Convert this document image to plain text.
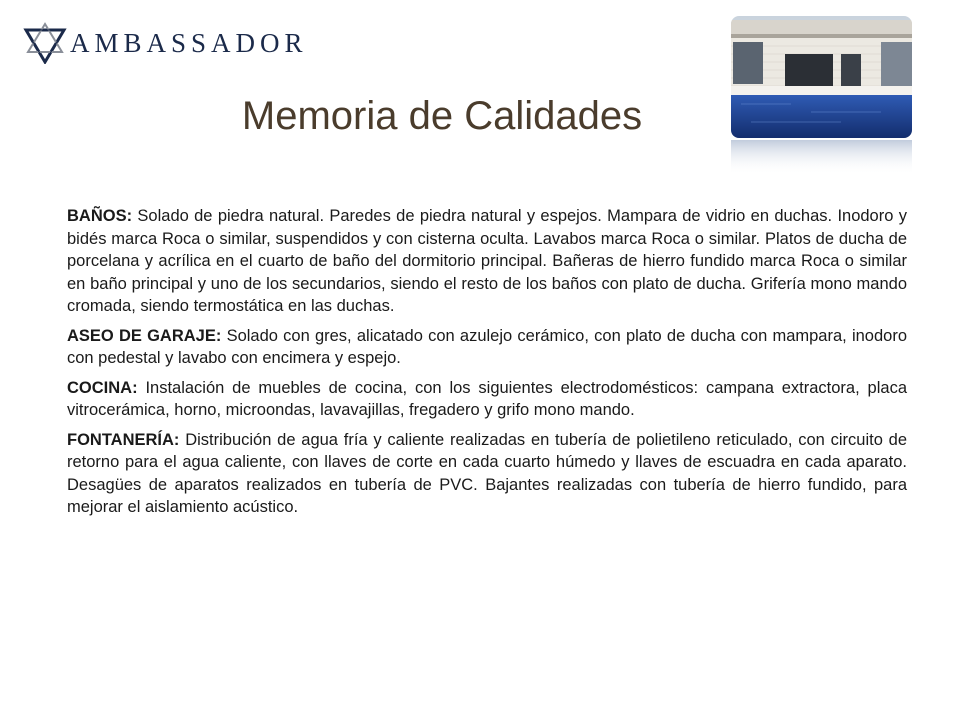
AMBASSADOR
Memoria de Calidades

BAÑOS: Solado de piedra natural. Paredes de piedra natural y espejos. Mampara de vidrio en duchas. Inodoro y bidés marca Roca o similar, suspendidos y con cisterna oculta. Lavabos marca Roca o similar. Platos de ducha de porcelana y acrílica en el cuarto de baño del dormitorio principal. Bañeras de hierro fundido marca Roca o similar en baño principal y uno de los secundarios, siendo el resto de los baños con plato de ducha. Grifería mono mando cromada, siendo termostática en las duchas.

ASEO DE GARAJE: Solado con gres, alicatado con azulejo cerámico, con plato de ducha con mampara, inodoro con pedestal y lavabo con encimera y espejo.

COCINA: Instalación de muebles de cocina, con los siguientes electrodomésticos: campana extractora, placa vitrocerámica, horno, microondas, lavavajillas, fregadero y grifo mono mando.

FONTANERÍA: Distribución de agua fría y caliente realizadas en tubería de polietileno reticulado, con circuito de retorno para el agua caliente, con llaves de corte en cada cuarto húmedo y llaves de escuadra en cada aparato. Desagües de aparatos realizados en tubería de PVC. Bajantes realizadas con tubería de hierro fundido, para mejorar el aislamiento acústico.
